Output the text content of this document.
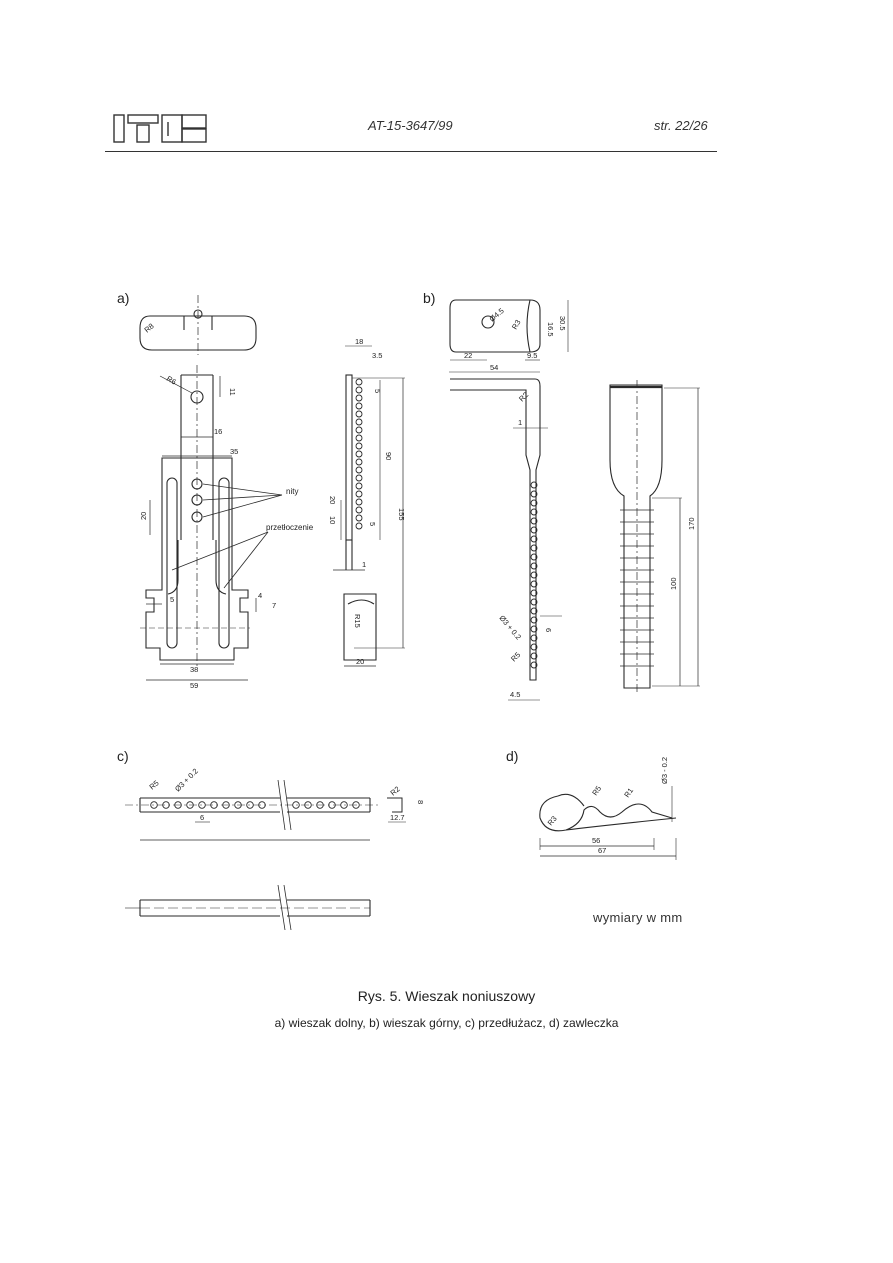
AT-15-3647/99	str. 22/26
a)	b)
c)	d)
R8
R6
11
16
35
20
5
38
59
4
7
18
3.5
5
90
155
20
10	5
1
R15
20
nity
przetłoczenie
Ø4.5
R3	16.5 30.5
22	9.5
54
R2
1
Ø3 + 0.2	6
R5
4.5
170
100
R5 Ø3 + 0.2
6
R2
8
12.7
R5	R1
Ø3 - 0.2
R3
56
67
wymiary w mm
Rys. 5. Wieszak noniuszowy
a) wieszak dolny, b) wieszak górny, c) przedłużacz, d) zawleczka
